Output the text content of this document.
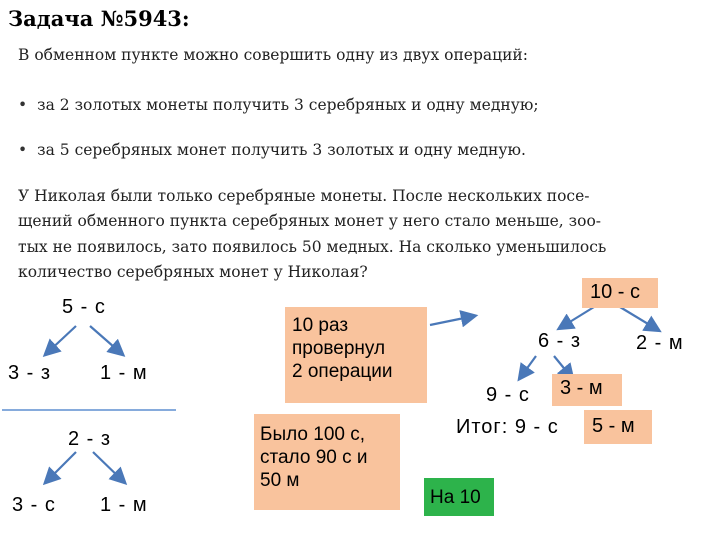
Задача №5943:
В обменном пункте можно совершить одну из двух операций:
• за 2 золотых монеты получить 3 серебряных и одну медную;
• за 5 серебряных монет получить 3 золотых и одну медную.
У Николая были только серебряные монеты. После нескольких посе-
щений обменного пункта серебряных монет у него стало меньше, зоо-
тых не появилось, зато появилось 50 медных. На сколько уменьшилось
количество серебряных монет у Николая?
5 - с
3 - з 1 - м
2 - з
3 - с 1 - м
10 раз
провернул
2 операции
Было 100 с,
стало 90 с и
50 м
На 10
10 - с
6 - з	2 - м
9 - с	3 - м
Итог: 9 - с	5 - м
